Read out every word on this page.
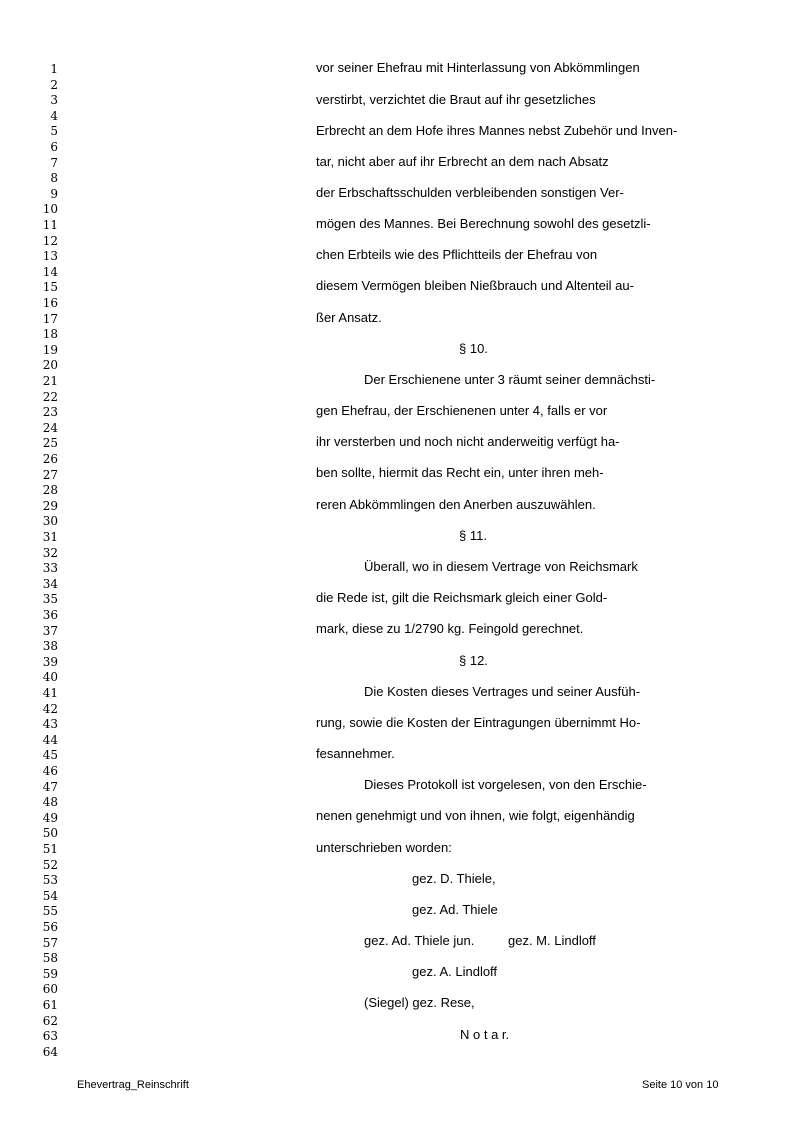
1
2
3
4
5
6
7
8
9
10
11
12
13
14
15
16
17
18
19
20
21
22
23
24
25
26
27
28
29
30
31
32
33
34
35
36
37
38
39
40
41
42
43
44
45
46
47
48
49
50
51
52
53
54
55
56
57
58
59
60
61
62
63
64
vor seiner Ehefrau mit Hinterlassung von Abkömmlingen
verstirbt, verzichtet die Braut auf ihr gesetzliches
Erbrecht an dem Hofe ihres Mannes nebst Zubehör und Inven-
tar, nicht aber auf ihr Erbrecht an dem nach Absatz
der Erbschaftsschulden verbleibenden sonstigen Ver-
mögen des Mannes. Bei Berechnung sowohl des gesetzli-
chen Erbteils wie des Pflichtteils der Ehefrau von
diesem Vermögen bleiben Nießbrauch und Altenteil au-
ßer Ansatz.
§ 10.
Der Erschienene unter 3 räumt seiner demnächsti-
gen Ehefrau, der Erschienenen unter 4, falls er vor
ihr versterben und noch nicht anderweitig verfügt ha-
ben sollte, hiermit das Recht ein, unter ihren meh-
reren Abkömmlingen den Anerben auszuwählen.
§ 11.
Überall, wo in diesem Vertrage von Reichsmark
die Rede ist, gilt die Reichsmark gleich einer Gold-
mark, diese zu 1/2790 kg. Feingold gerechnet.
§ 12.
Die Kosten dieses Vertrages und seiner Ausfüh-
rung, sowie die Kosten der Eintragungen übernimmt Ho-
fesannehmer.
Dieses Protokoll ist vorgelesen, von den Erschie-
nenen genehmigt und von ihnen, wie folgt, eigenhändig
unterschrieben worden:
gez. D. Thiele,
gez. Ad. Thiele
gez. Ad. Thiele jun.	gez. M. Lindloff
gez. A. Lindloff
(Siegel) gez. Rese,
N o t a r.
Ehevertrag_Reinschrift	Seite 10 von 10
